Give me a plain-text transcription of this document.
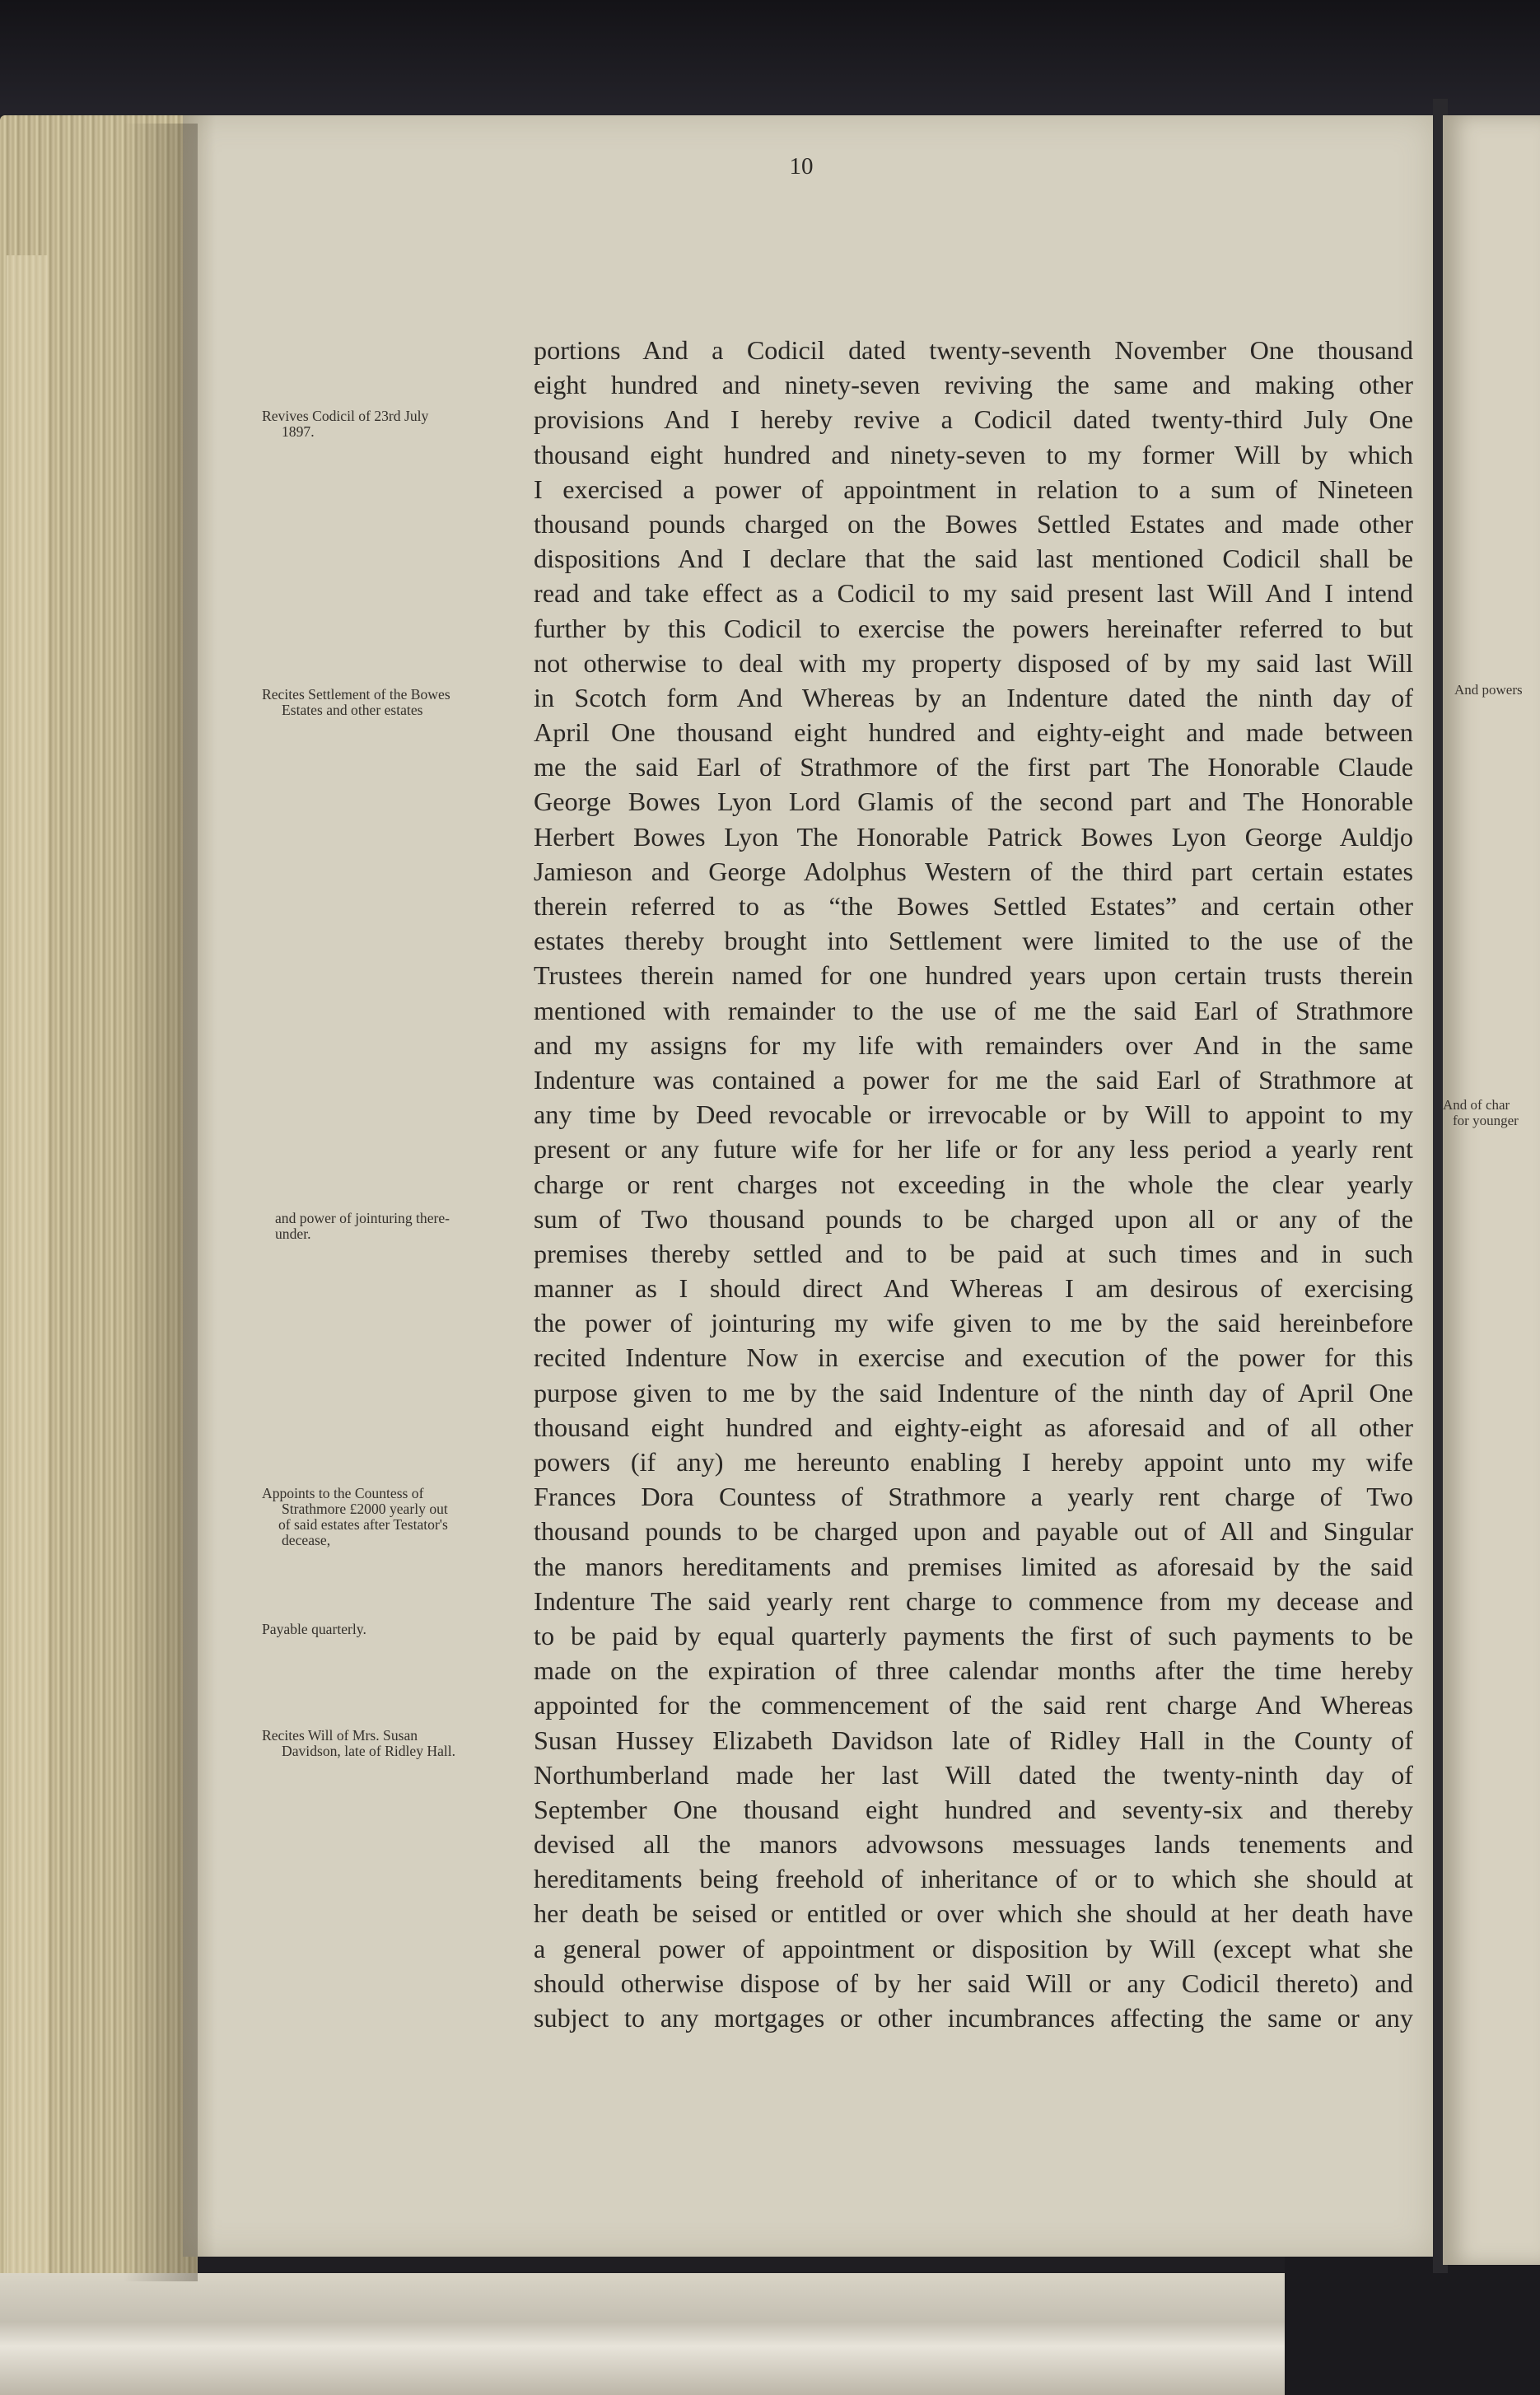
And powers
And of char
for younger
10
Revives Codicil of 23rd July
1897.
Recites Settlement of the Bowes
Estates and other estates
and power of jointuring there-
under.
Appoints to the Countess of
Strathmore £2000 yearly out
of said estates after Testator's
decease,
Payable quarterly.
Recites Will of Mrs. Susan
Davidson, late of Ridley Hall.
portions And a Codicil dated twenty-seventh November One thousand
eight hundred and ninety-seven reviving the same and making other
provisions And I hereby revive a Codicil dated twenty-third July One
thousand eight hundred and ninety-seven to my former Will by which
I exercised a power of appointment in relation to a sum of Nineteen
thousand pounds charged on the Bowes Settled Estates and made other
dispositions And I declare that the said last mentioned Codicil shall be
read and take effect as a Codicil to my said present last Will And I intend
further by this Codicil to exercise the powers hereinafter referred to but
not otherwise to deal with my property disposed of by my said last Will
in Scotch form And Whereas by an Indenture dated the ninth day of
April One thousand eight hundred and eighty-eight and made between
me the said Earl of Strathmore of the first part The Honorable Claude
George Bowes Lyon Lord Glamis of the second part and The Honorable
Herbert Bowes Lyon The Honorable Patrick Bowes Lyon George Auldjo
Jamieson and George Adolphus Western of the third part certain estates
therein referred to as “the Bowes Settled Estates” and certain other
estates thereby brought into Settlement were limited to the use of the
Trustees therein named for one hundred years upon certain trusts therein
mentioned with remainder to the use of me the said Earl of Strathmore
and my assigns for my life with remainders over And in the same
Indenture was contained a power for me the said Earl of Strathmore at
any time by Deed revocable or irrevocable or by Will to appoint to my
present or any future wife for her life or for any less period a yearly rent
charge or rent charges not exceeding in the whole the clear yearly
sum of Two thousand pounds to be charged upon all or any of the
premises thereby settled and to be paid at such times and in such
manner as I should direct And Whereas I am desirous of exercising
the power of jointuring my wife given to me by the said hereinbefore
recited Indenture Now in exercise and execution of the power for this
purpose given to me by the said Indenture of the ninth day of April One
thousand eight hundred and eighty-eight as aforesaid and of all other
powers (if any) me hereunto enabling I hereby appoint unto my wife
Frances Dora Countess of Strathmore a yearly rent charge of Two
thousand pounds to be charged upon and payable out of All and Singular
the manors hereditaments and premises limited as aforesaid by the said
Indenture The said yearly rent charge to commence from my decease and
to be paid by equal quarterly payments the first of such payments to be
made on the expiration of three calendar months after the time hereby
appointed for the commencement of the said rent charge And Whereas
Susan Hussey Elizabeth Davidson late of Ridley Hall in the County of
Northumberland made her last Will dated the twenty-ninth day of
September One thousand eight hundred and seventy-six and thereby
devised all the manors advowsons messuages lands tenements and
hereditaments being freehold of inheritance of or to which she should at
her death be seised or entitled or over which she should at her death have
a general power of appointment or disposition by Will (except what she
should otherwise dispose of by her said Will or any Codicil thereto) and
subject to any mortgages or other incumbrances affecting the same or any
